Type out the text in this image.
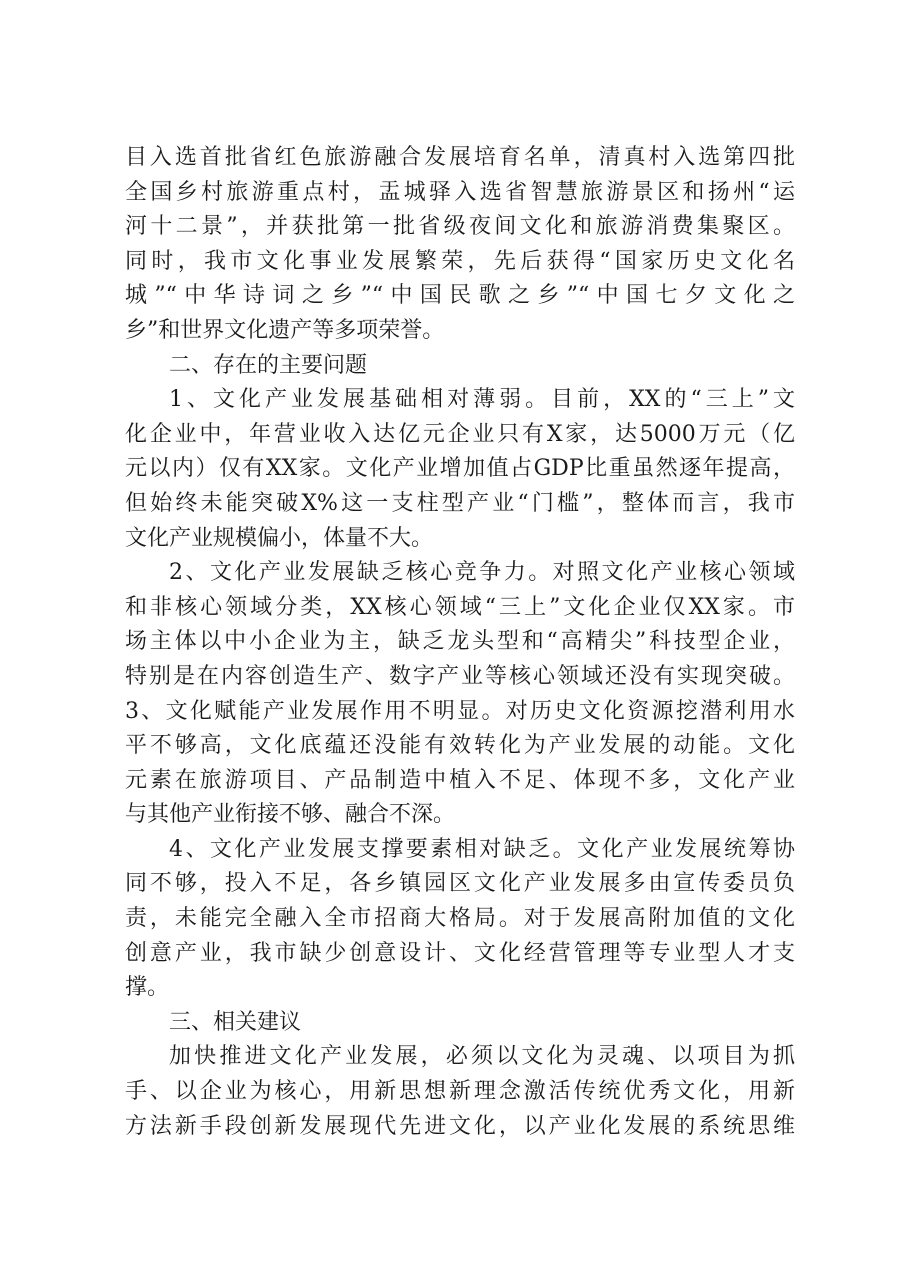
目入选首批省红色旅游融合发展培育名单，清真村入选第四批
全国乡村旅游重点村，盂城驿入选省智慧旅游景区和扬州“运
河十二景”，并获批第一批省级夜间文化和旅游消费集聚区。
同时，我市文化事业发展繁荣，先后获得“国家历史文化名
城”“中华诗词之乡”“中国民歌之乡”“中国七夕文化之
乡”和世界文化遗产等多项荣誉。
二、存在的主要问题
1、文化产业发展基础相对薄弱。目前，XX的“三上”文
化企业中，年营业收入达亿元企业只有X家，达5000万元（亿
元以内）仅有XX家。文化产业增加值占GDP比重虽然逐年提高，
但始终未能突破X%这一支柱型产业“门槛”，整体而言，我市
文化产业规模偏小，体量不大。
2、文化产业发展缺乏核心竞争力。对照文化产业核心领域
和非核心领域分类，XX核心领域“三上”文化企业仅XX家。市
场主体以中小企业为主，缺乏龙头型和“高精尖”科技型企业，
特别是在内容创造生产、数字产业等核心领域还没有实现突破。
3、文化赋能产业发展作用不明显。对历史文化资源挖潜利用水
平不够高，文化底蕴还没能有效转化为产业发展的动能。文化
元素在旅游项目、产品制造中植入不足、体现不多，文化产业
与其他产业衔接不够、融合不深。
4、文化产业发展支撑要素相对缺乏。文化产业发展统筹协
同不够，投入不足，各乡镇园区文化产业发展多由宣传委员负
责，未能完全融入全市招商大格局。对于发展高附加值的文化
创意产业，我市缺少创意设计、文化经营管理等专业型人才支
撑。
三、相关建议
加快推进文化产业发展，必须以文化为灵魂、以项目为抓
手、以企业为核心，用新思想新理念激活传统优秀文化，用新
方法新手段创新发展现代先进文化，以产业化发展的系统思维
